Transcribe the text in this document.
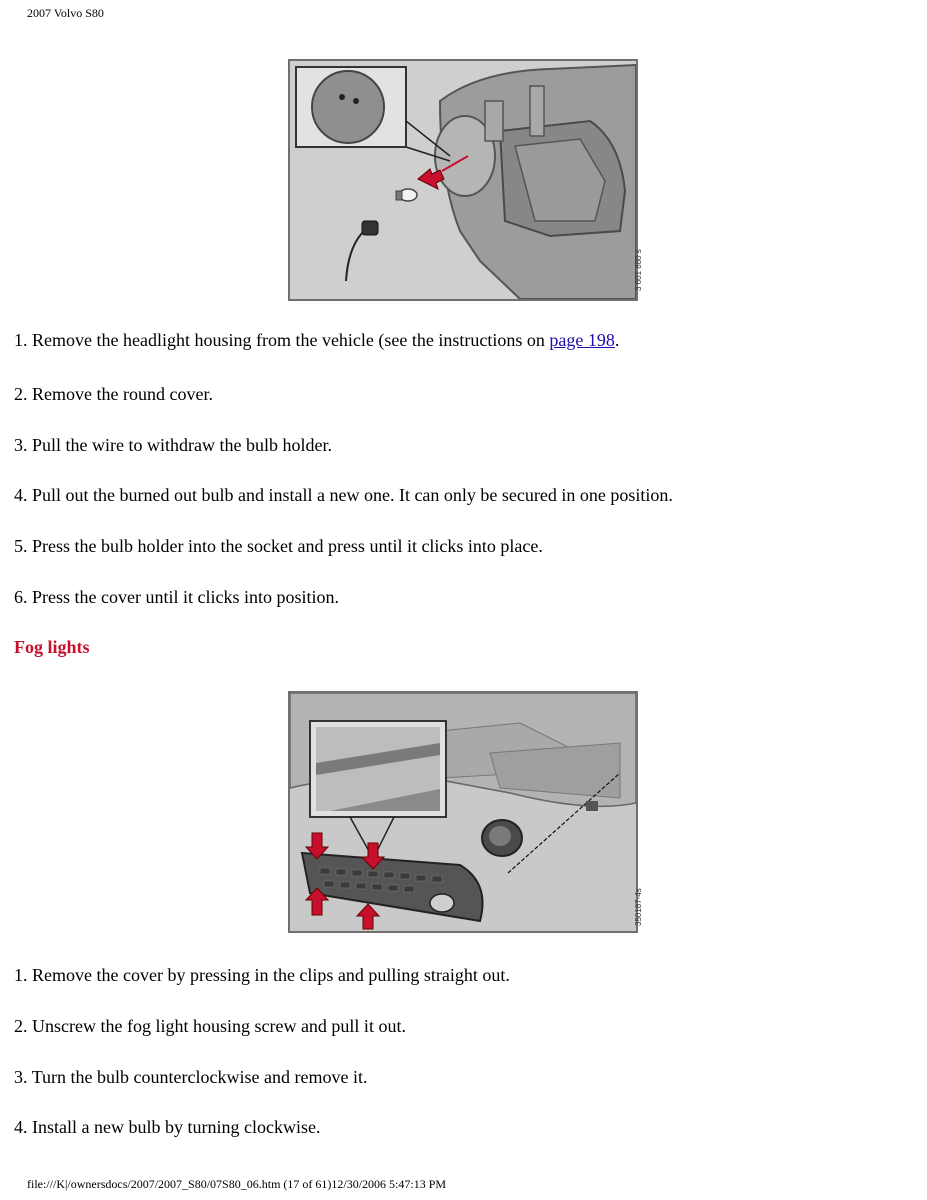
2007 Volvo S80
3 601 880 s
1. Remove the headlight housing from the vehicle (see the instructions on page 198.
2. Remove the round cover.
3. Pull the wire to withdraw the bulb holder.
4. Pull out the burned out bulb and install a new one. It can only be secured in one position.
5. Press the bulb holder into the socket and press until it clicks into place.
6. Press the cover until it clicks into position.
Fog lights
350187-4s
1. Remove the cover by pressing in the clips and pulling straight out.
2. Unscrew the fog light housing screw and pull it out.
3. Turn the bulb counterclockwise and remove it.
4. Install a new bulb by turning clockwise.
file:///K|/ownersdocs/2007/2007_S80/07S80_06.htm (17 of 61)12/30/2006 5:47:13 PM
